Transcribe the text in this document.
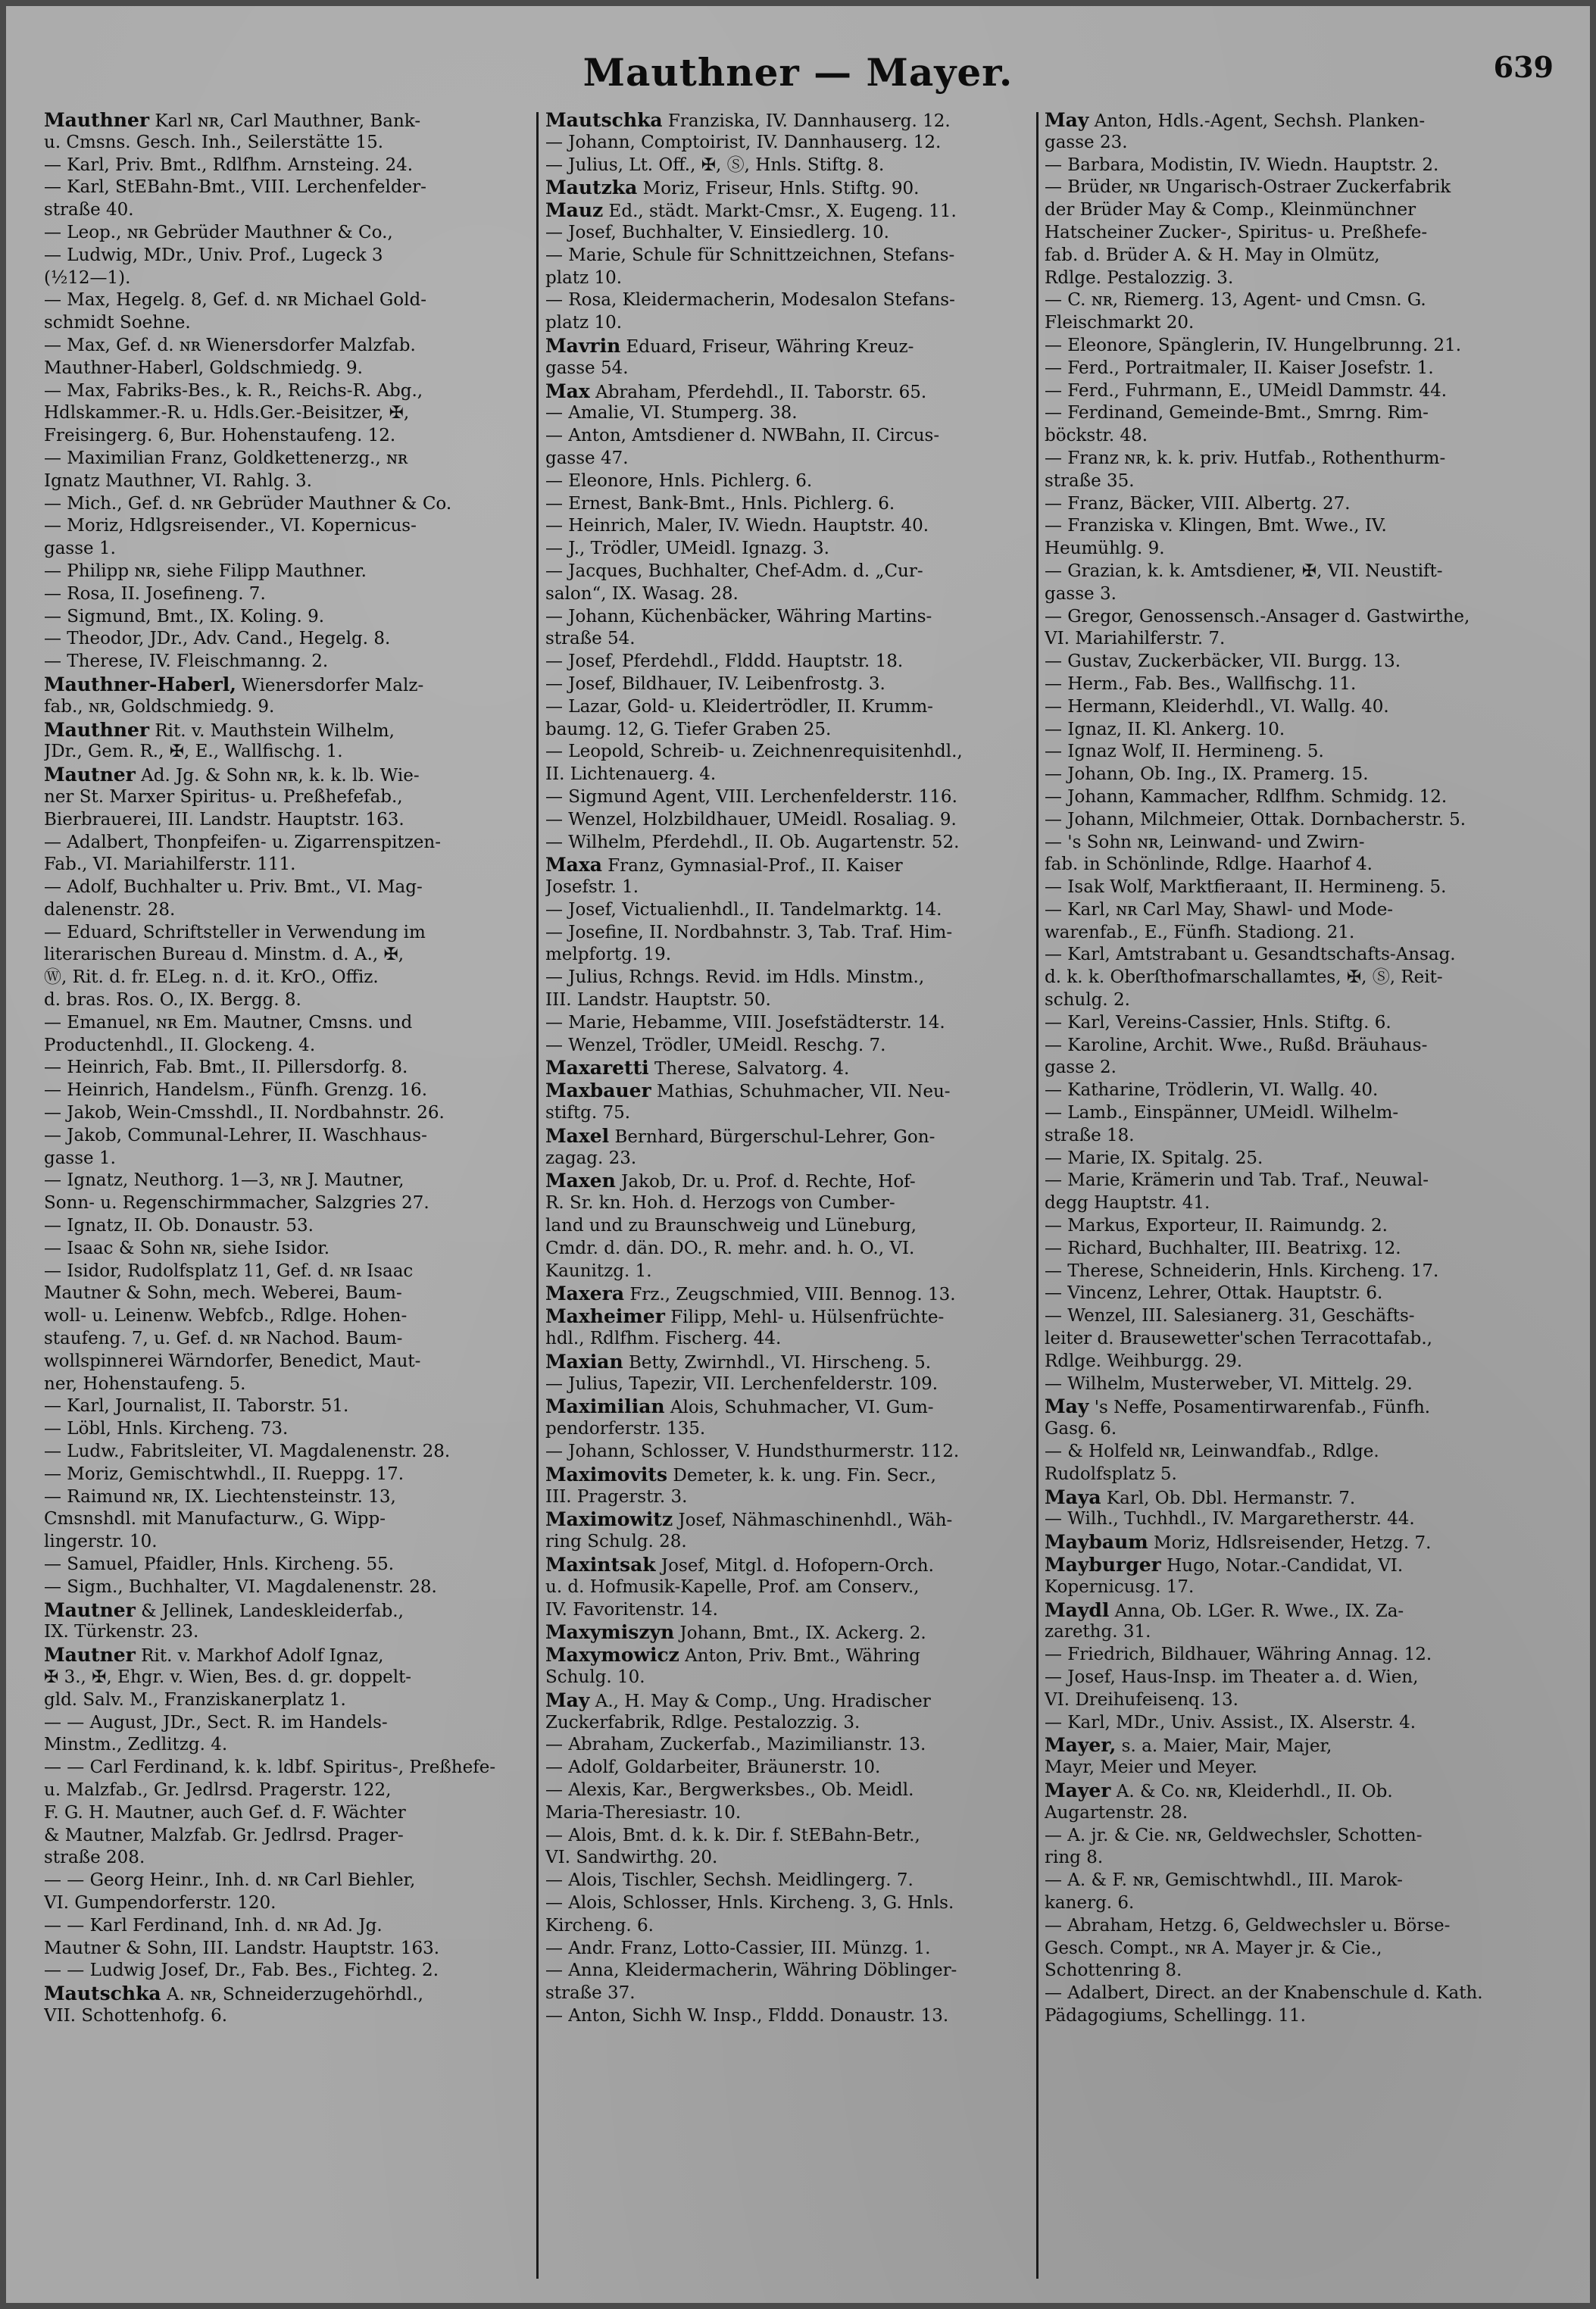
Mauthner — Mayer.	639
Mauthner Karl ɴʀ, Carl Mauthner, Bank-
u. Cmsns. Gesch. Inh., Seilerstätte 15.
— Karl, Priv. Bmt., Rdlfhm. Arnsteing. 24.
— Karl, StEBahn-Bmt., VIII. Lerchenfelder-
straße 40.
— Leop., ɴʀ Gebrüder Mauthner & Co.,
— Ludwig, MDr., Univ. Prof., Lugeck 3
(½12—1).
— Max, Hegelg. 8, Gef. d. ɴʀ Michael Gold-
schmidt Soehne.
— Max, Gef. d. ɴʀ Wienersdorfer Malzfab.
Mauthner-Haberl, Goldschmiedg. 9.
— Max, Fabriks-Bes., k. R., Reichs-R. Abg.,
Hdlskammer.-R. u. Hdls.Ger.-Beisitzer, ✠,
Freisingerg. 6, Bur. Hohenstaufeng. 12.
— Maximilian Franz, Goldkettenerzg., ɴʀ
Ignatz Mauthner, VI. Rahlg. 3.
— Mich., Gef. d. ɴʀ Gebrüder Mauthner & Co.
— Moriz, Hdlgsreisender., VI. Kopernicus-
gasse 1.
— Philipp ɴʀ, siehe Filipp Mauthner.
— Rosa, II. Josefineng. 7.
— Sigmund, Bmt., IX. Koling. 9.
— Theodor, JDr., Adv. Cand., Hegelg. 8.
— Therese, IV. Fleischmanng. 2.
Mauthner-Haberl, Wienersdorfer Malz-
fab., ɴʀ, Goldschmiedg. 9.
Mauthner Rit. v. Mauthstein Wilhelm,
JDr., Gem. R., ✠, E., Wallfischg. 1.
Mautner Ad. Jg. & Sohn ɴʀ, k. k. lb. Wie-
ner St. Marxer Spiritus- u. Preßhefefab.,
Bierbrauerei, III. Landstr. Hauptstr. 163.
— Adalbert, Thonpfeifen- u. Zigarrenspitzen-
Fab., VI. Mariahilferstr. 111.
— Adolf, Buchhalter u. Priv. Bmt., VI. Mag-
dalenenstr. 28.
— Eduard, Schriftsteller in Verwendung im
literarischen Bureau d. Minstm. d. A., ✠,
Ⓦ, Rit. d. fr. ELeg. n. d. it. KrO., Offiz.
d. bras. Ros. O., IX. Bergg. 8.
— Emanuel, ɴʀ Em. Mautner, Cmsns. und
Productenhdl., II. Glockeng. 4.
— Heinrich, Fab. Bmt., II. Pillersdorfg. 8.
— Heinrich, Handelsm., Fünfh. Grenzg. 16.
— Jakob, Wein-Cmsshdl., II. Nordbahnstr. 26.
— Jakob, Communal-Lehrer, II. Waschhaus-
gasse 1.
— Ignatz, Neuthorg. 1—3, ɴʀ J. Mautner,
Sonn- u. Regenschirmmacher, Salzgries 27.
— Ignatz, II. Ob. Donaustr. 53.
— Isaac & Sohn ɴʀ, siehe Isidor.
— Isidor, Rudolfsplatz 11, Gef. d. ɴʀ Isaac
Mautner & Sohn, mech. Weberei, Baum-
woll- u. Leinenw. Webfcb., Rdlge. Hohen-
staufeng. 7, u. Gef. d. ɴʀ Nachod. Baum-
wollspinnerei Wärndorfer, Benedict, Maut-
ner, Hohenstaufeng. 5.
— Karl, Journalist, II. Taborstr. 51.
— Löbl, Hnls. Kircheng. 73.
— Ludw., Fabritsleiter, VI. Magdalenenstr. 28.
— Moriz, Gemischtwhdl., II. Rueppg. 17.
— Raimund ɴʀ, IX. Liechtensteinstr. 13,
Cmsnshdl. mit Manufacturw., G. Wipp-
lingerstr. 10.
— Samuel, Pfaidler, Hnls. Kircheng. 55.
— Sigm., Buchhalter, VI. Magdalenenstr. 28.
Mautner & Jellinek, Landeskleiderfab.,
IX. Türkenstr. 23.
Mautner Rit. v. Markhof Adolf Ignaz,
✠ 3., ✠, Ehgr. v. Wien, Bes. d. gr. doppelt-
gld. Salv. M., Franziskanerplatz 1.
— — August, JDr., Sect. R. im Handels-
Minstm., Zedlitzg. 4.
— — Carl Ferdinand, k. k. ldbf. Spiritus-, Preßhefe-
u. Malzfab., Gr. Jedlrsd. Pragerstr. 122,
F. G. H. Mautner, auch Gef. d. F. Wächter
& Mautner, Malzfab. Gr. Jedlrsd. Prager-
straße 208.
— — Georg Heinr., Inh. d. ɴʀ Carl Biehler,
VI. Gumpendorferstr. 120.
— — Karl Ferdinand, Inh. d. ɴʀ Ad. Jg.
Mautner & Sohn, III. Landstr. Hauptstr. 163.
— — Ludwig Josef, Dr., Fab. Bes., Fichteg. 2.
Mautschka A. ɴʀ, Schneiderzugehörhdl.,
VII. Schottenhofg. 6.
Mautschka Franziska, IV. Dannhauserg. 12.
— Johann, Comptoirist, IV. Dannhauserg. 12.
— Julius, Lt. Off., ✠, Ⓢ, Hnls. Stiftg. 8.
Mautzka Moriz, Friseur, Hnls. Stiftg. 90.
Mauz Ed., städt. Markt-Cmsr., X. Eugeng. 11.
— Josef, Buchhalter, V. Einsiedlerg. 10.
— Marie, Schule für Schnittzeichnen, Stefans-
platz 10.
— Rosa, Kleidermacherin, Modesalon Stefans-
platz 10.
Mavrin Eduard, Friseur, Währing Kreuz-
gasse 54.
Max Abraham, Pferdehdl., II. Taborstr. 65.
— Amalie, VI. Stumperg. 38.
— Anton, Amtsdiener d. NWBahn, II. Circus-
gasse 47.
— Eleonore, Hnls. Pichlerg. 6.
— Ernest, Bank-Bmt., Hnls. Pichlerg. 6.
— Heinrich, Maler, IV. Wiedn. Hauptstr. 40.
— J., Trödler, UMeidl. Ignazg. 3.
— Jacques, Buchhalter, Chef-Adm. d. „Cur-
salon“, IX. Wasag. 28.
— Johann, Küchenbäcker, Währing Martins-
straße 54.
— Josef, Pferdehdl., Flddd. Hauptstr. 18.
— Josef, Bildhauer, IV. Leibenfrostg. 3.
— Lazar, Gold- u. Kleidertrödler, II. Krumm-
baumg. 12, G. Tiefer Graben 25.
— Leopold, Schreib- u. Zeichnenrequisitenhdl.,
II. Lichtenauerg. 4.
— Sigmund Agent, VIII. Lerchenfelderstr. 116.
— Wenzel, Holzbildhauer, UMeidl. Rosaliag. 9.
— Wilhelm, Pferdehdl., II. Ob. Augartenstr. 52.
Maxa Franz, Gymnasial-Prof., II. Kaiser
Josefstr. 1.
— Josef, Victualienhdl., II. Tandelmarktg. 14.
— Josefine, II. Nordbahnstr. 3, Tab. Traf. Him-
melpfortg. 19.
— Julius, Rchngs. Revid. im Hdls. Minstm.,
III. Landstr. Hauptstr. 50.
— Marie, Hebamme, VIII. Josefstädterstr. 14.
— Wenzel, Trödler, UMeidl. Reschg. 7.
Maxaretti Therese, Salvatorg. 4.
Maxbauer Mathias, Schuhmacher, VII. Neu-
stiftg. 75.
Maxel Bernhard, Bürgerschul-Lehrer, Gon-
zagag. 23.
Maxen Jakob, Dr. u. Prof. d. Rechte, Hof-
R. Sr. kn. Hoh. d. Herzogs von Cumber-
land und zu Braunschweig und Lüneburg,
Cmdr. d. dän. DO., R. mehr. and. h. O., VI.
Kaunitzg. 1.
Maxera Frz., Zeugschmied, VIII. Bennog. 13.
Maxheimer Filipp, Mehl- u. Hülsenfrüchte-
hdl., Rdlfhm. Fischerg. 44.
Maxian Betty, Zwirnhdl., VI. Hirscheng. 5.
— Julius, Tapezir, VII. Lerchenfelderstr. 109.
Maximilian Alois, Schuhmacher, VI. Gum-
pendorferstr. 135.
— Johann, Schlosser, V. Hundsthurmerstr. 112.
Maximovits Demeter, k. k. ung. Fin. Secr.,
III. Pragerstr. 3.
Maximowitz Josef, Nähmaschinenhdl., Wäh-
ring Schulg. 28.
Maxintsak Josef, Mitgl. d. Hofopern-Orch.
u. d. Hofmusik-Kapelle, Prof. am Conserv.,
IV. Favoritenstr. 14.
Maxymiszyn Johann, Bmt., IX. Ackerg. 2.
Maxymowicz Anton, Priv. Bmt., Währing
Schulg. 10.
May A., H. May & Comp., Ung. Hradischer
Zuckerfabrik, Rdlge. Pestalozzig. 3.
— Abraham, Zuckerfab., Mazimilianstr. 13.
— Adolf, Goldarbeiter, Bräunerstr. 10.
— Alexis, Kar., Bergwerksbes., Ob. Meidl.
Maria-Theresiastr. 10.
— Alois, Bmt. d. k. k. Dir. f. StEBahn-Betr.,
VI. Sandwirthg. 20.
— Alois, Tischler, Sechsh. Meidlingerg. 7.
— Alois, Schlosser, Hnls. Kircheng. 3, G. Hnls.
Kircheng. 6.
— Andr. Franz, Lotto-Cassier, III. Münzg. 1.
— Anna, Kleidermacherin, Währing Döblinger-
straße 37.
— Anton, Sichh W. Insp., Flddd. Donaustr. 13.
May Anton, Hdls.-Agent, Sechsh. Planken-
gasse 23.
— Barbara, Modistin, IV. Wiedn. Hauptstr. 2.
— Brüder, ɴʀ Ungarisch-Ostraer Zuckerfabrik
der Brüder May & Comp., Kleinmünchner
Hatscheiner Zucker-, Spiritus- u. Preßhefe-
fab. d. Brüder A. & H. May in Olmütz,
Rdlge. Pestalozzig. 3.
— C. ɴʀ, Riemerg. 13, Agent- und Cmsn. G.
Fleischmarkt 20.
— Eleonore, Spänglerin, IV. Hungelbrunng. 21.
— Ferd., Portraitmaler, II. Kaiser Josefstr. 1.
— Ferd., Fuhrmann, E., UMeidl Dammstr. 44.
— Ferdinand, Gemeinde-Bmt., Smrng. Rim-
böckstr. 48.
— Franz ɴʀ, k. k. priv. Hutfab., Rothenthurm-
straße 35.
— Franz, Bäcker, VIII. Albertg. 27.
— Franziska v. Klingen, Bmt. Wwe., IV.
Heumühlg. 9.
— Grazian, k. k. Amtsdiener, ✠, VII. Neustift-
gasse 3.
— Gregor, Genossensch.-Ansager d. Gastwirthe,
VI. Mariahilferstr. 7.
— Gustav, Zuckerbäcker, VII. Burgg. 13.
— Herm., Fab. Bes., Wallfischg. 11.
— Hermann, Kleiderhdl., VI. Wallg. 40.
— Ignaz, II. Kl. Ankerg. 10.
— Ignaz Wolf, II. Hermineng. 5.
— Johann, Ob. Ing., IX. Pramerg. 15.
— Johann, Kammacher, Rdlfhm. Schmidg. 12.
— Johann, Milchmeier, Ottak. Dornbacherstr. 5.
— 's Sohn ɴʀ, Leinwand- und Zwirn-
fab. in Schönlinde, Rdlge. Haarhof 4.
— Isak Wolf, Marktfieraant, II. Hermineng. 5.
— Karl, ɴʀ Carl May, Shawl- und Mode-
warenfab., E., Fünfh. Stadiong. 21.
— Karl, Amtstrabant u. Gesandtschafts-Ansag.
d. k. k. Oberſthofmarschallamtes, ✠, Ⓢ, Reit-
schulg. 2.
— Karl, Vereins-Cassier, Hnls. Stiftg. 6.
— Karoline, Archit. Wwe., Rußd. Bräuhaus-
gasse 2.
— Katharine, Trödlerin, VI. Wallg. 40.
— Lamb., Einspänner, UMeidl. Wilhelm-
straße 18.
— Marie, IX. Spitalg. 25.
— Marie, Krämerin und Tab. Traf., Neuwal-
degg Hauptstr. 41.
— Markus, Exporteur, II. Raimundg. 2.
— Richard, Buchhalter, III. Beatrixg. 12.
— Therese, Schneiderin, Hnls. Kircheng. 17.
— Vincenz, Lehrer, Ottak. Hauptstr. 6.
— Wenzel, III. Salesianerg. 31, Geschäfts-
leiter d. Brausewetter'schen Terracottafab.,
Rdlge. Weihburgg. 29.
— Wilhelm, Musterweber, VI. Mittelg. 29.
May 's Neffe, Posamentirwarenfab., Fünfh.
Gasg. 6.
— & Holfeld ɴʀ, Leinwandfab., Rdlge.
Rudolfsplatz 5.
Maya Karl, Ob. Dbl. Hermanstr. 7.
— Wilh., Tuchhdl., IV. Margaretherstr. 44.
Maybaum Moriz, Hdlsreisender, Hetzg. 7.
Mayburger Hugo, Notar.-Candidat, VI.
Kopernicusg. 17.
Maydl Anna, Ob. LGer. R. Wwe., IX. Za-
zarethg. 31.
— Friedrich, Bildhauer, Währing Annag. 12.
— Josef, Haus-Insp. im Theater a. d. Wien,
VI. Dreihufeisenq. 13.
— Karl, MDr., Univ. Assist., IX. Alserstr. 4.
Mayer, s. a. Maier, Mair, Majer,
Mayr, Meier und Meyer.
Mayer A. & Co. ɴʀ, Kleiderhdl., II. Ob.
Augartenstr. 28.
— A. jr. & Cie. ɴʀ, Geldwechsler, Schotten-
ring 8.
— A. & F. ɴʀ, Gemischtwhdl., III. Marok-
kanerg. 6.
— Abraham, Hetzg. 6, Geldwechsler u. Börse-
Gesch. Compt., ɴʀ A. Mayer jr. & Cie.,
Schottenring 8.
— Adalbert, Direct. an der Knabenschule d. Kath.
Pädagogiums, Schellingg. 11.
